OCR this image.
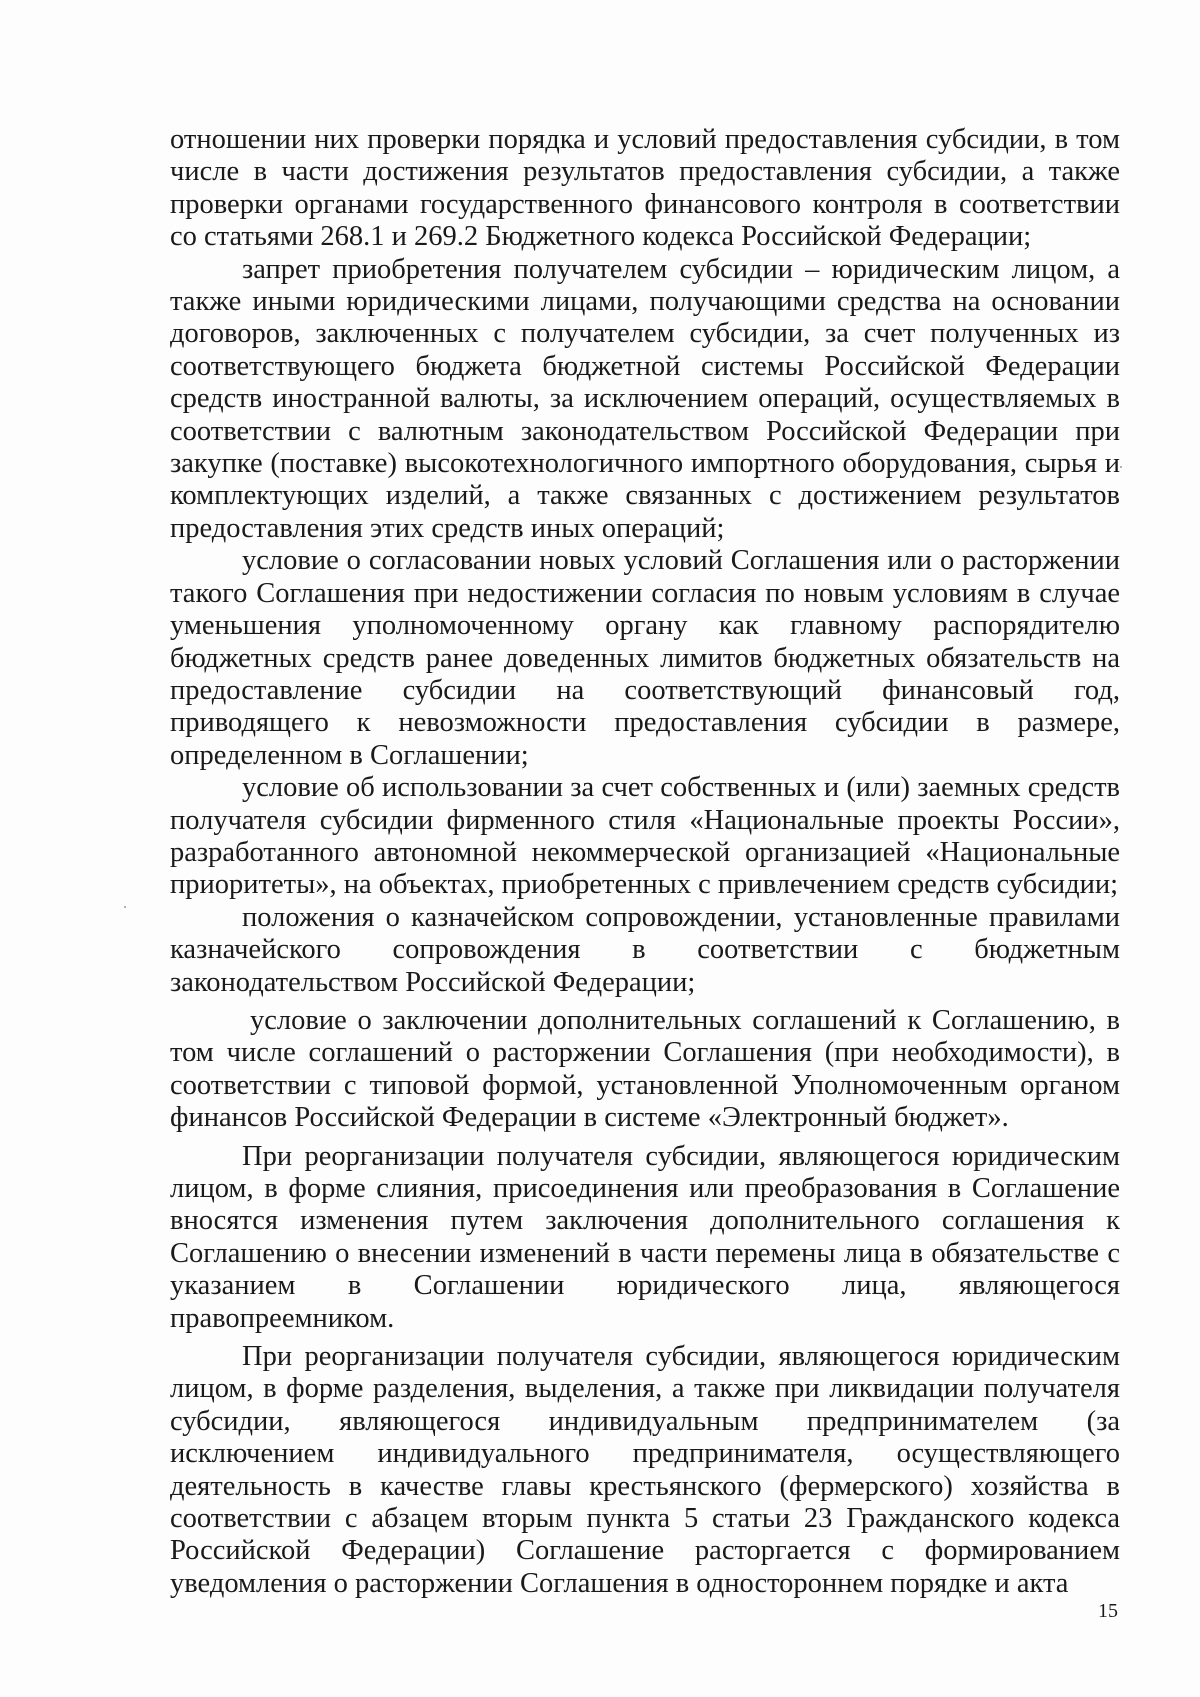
отношении них проверки порядка и условий предоставления субсидии, в том числе в части достижения результатов предоставления субсидии, а также проверки органами государственного финансового контроля в соответствии со статьями 268.1 и 269.2 Бюджетного кодекса Российской Федерации;

запрет приобретения получателем субсидии – юридическим лицом, а также иными юридическими лицами, получающими средства на основании договоров, заключенных с получателем субсидии, за счет полученных из соответствующего бюджета бюджетной системы Российской Федерации средств иностранной валюты, за исключением операций, осуществляемых в соответствии с валютным законодательством Российской Федерации при закупке (поставке) высокотехнологичного импортного оборудования, сырья и комплектующих изделий, а также связанных с достижением результатов предоставления этих средств иных операций;

условие о согласовании новых условий Соглашения или о расторжении такого Соглашения при недостижении согласия по новым условиям в случае уменьшения уполномоченному органу как главному распорядителю бюджетных средств ранее доведенных лимитов бюджетных обязательств на предоставление субсидии на соответствующий финансовый год, приводящего к невозможности предоставления субсидии в размере, определенном в Соглашении;

условие об использовании за счет собственных и (или) заемных средств получателя субсидии фирменного стиля «Национальные проекты России», разработанного автономной некоммерческой организацией «Национальные приоритеты», на объектах, приобретенных с привлечением средств субсидии;

положения о казначейском сопровождении, установленные правилами казначейского сопровождения в соответствии с бюджетным законодательством Российской Федерации;

условие о заключении дополнительных соглашений к Соглашению, в том числе соглашений о расторжении Соглашения (при необходимости), в соответствии с типовой формой, установленной Уполномоченным органом финансов Российской Федерации в системе «Электронный бюджет».

При реорганизации получателя субсидии, являющегося юридическим лицом, в форме слияния, присоединения или преобразования в Соглашение вносятся изменения путем заключения дополнительного соглашения к Соглашению о внесении изменений в части перемены лица в обязательстве с указанием в Соглашении юридического лица, являющегося правопреемником.

При реорганизации получателя субсидии, являющегося юридическим лицом, в форме разделения, выделения, а также при ликвидации получателя субсидии, являющегося индивидуальным предпринимателем (за исключением индивидуального предпринимателя, осуществляющего деятельность в качестве главы крестьянского (фермерского) хозяйства в соответствии с абзацем вторым пункта 5 статьи 23 Гражданского кодекса Российской Федерации) Соглашение расторгается с формированием уведомления о расторжении Соглашения в одностороннем порядке и акта

15
